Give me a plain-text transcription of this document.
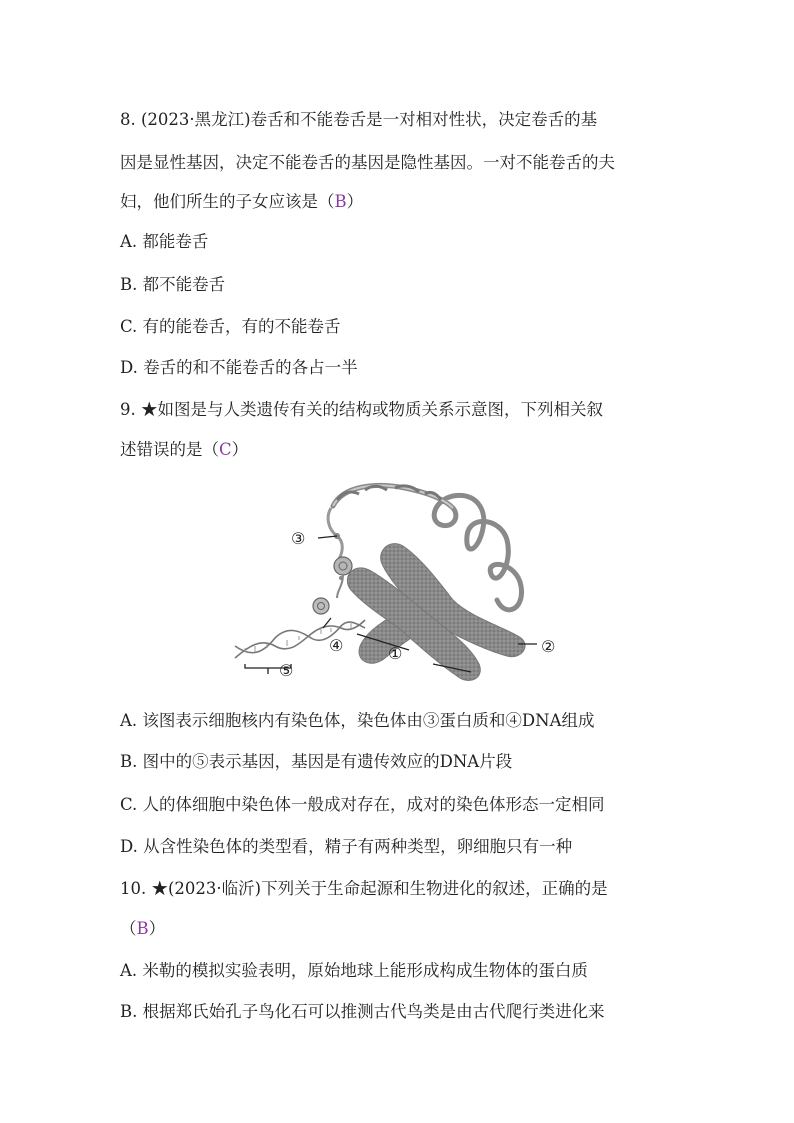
8. (2023·黑龙江)卷舌和不能卷舌是一对相对性状，决定卷舌的基
因是显性基因，决定不能卷舌的基因是隐性基因。一对不能卷舌的夫
妇，他们所生的子女应该是（B）
A. 都能卷舌
B. 都不能卷舌
C. 有的能卷舌，有的不能卷舌
D. 卷舌的和不能卷舌的各占一半
9. ★如图是与人类遗传有关的结构或物质关系示意图，下列相关叙
述错误的是（C）
③
④	①	②
⑤
A. 该图表示细胞核内有染色体，染色体由③蛋白质和④DNA组成
B. 图中的⑤表示基因，基因是有遗传效应的DNA片段
C. 人的体细胞中染色体一般成对存在，成对的染色体形态一定相同
D. 从含性染色体的类型看，精子有两种类型，卵细胞只有一种
10. ★(2023·临沂)下列关于生命起源和生物进化的叙述，正确的是
（B）
A. 米勒的模拟实验表明，原始地球上能形成构成生物体的蛋白质
B. 根据郑氏始孔子鸟化石可以推测古代鸟类是由古代爬行类进化来
